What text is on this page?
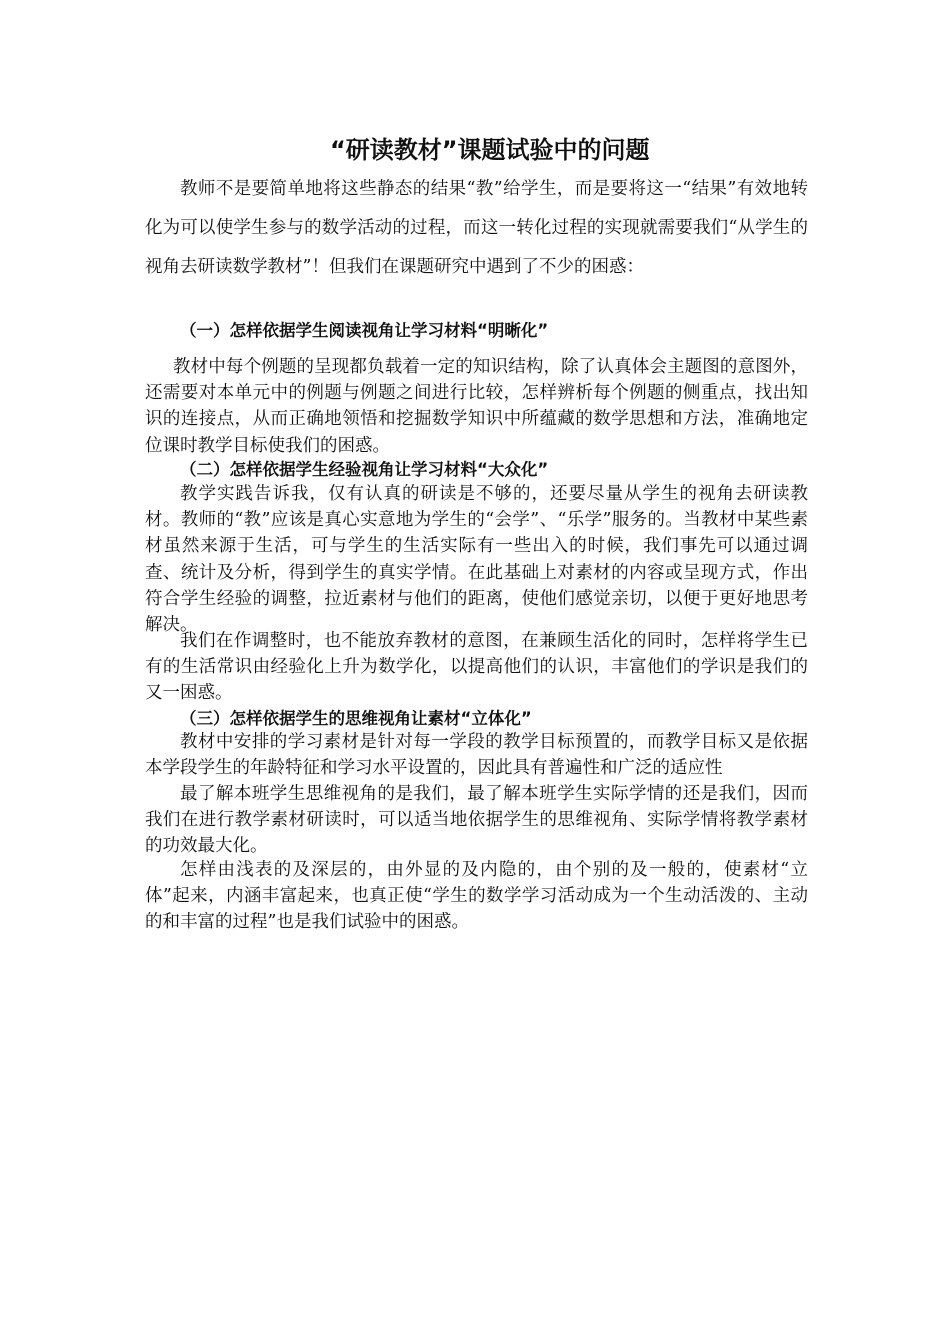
“研读教材”课题试验中的问题

教师不是要简单地将这些静态的结果“教”给学生，而是要将这一“结果”有效地转化为可以使学生参与的数学活动的过程，而这一转化过程的实现就需要我们“从学生的视角去研读数学教材”！但我们在课题研究中遇到了不少的困惑：

（一）怎样依据学生阅读视角让学习材料“明晰化”

教材中每个例题的呈现都负载着一定的知识结构，除了认真体会主题图的意图外，还需要对本单元中的例题与例题之间进行比较，怎样辨析每个例题的侧重点，找出知识的连接点，从而正确地领悟和挖掘数学知识中所蕴藏的数学思想和方法，准确地定位课时教学目标使我们的困惑。

（二）怎样依据学生经验视角让学习材料“大众化”

教学实践告诉我，仅有认真的研读是不够的，还要尽量从学生的视角去研读教材。教师的“教”应该是真心实意地为学生的“会学”、“乐学”服务的。当教材中某些素材虽然来源于生活，可与学生的生活实际有一些出入的时候，我们事先可以通过调查、统计及分析，得到学生的真实学情。在此基础上对素材的内容或呈现方式，作出符合学生经验的调整，拉近素材与他们的距离，使他们感觉亲切，以便于更好地思考解决。

我们在作调整时，也不能放弃教材的意图，在兼顾生活化的同时，怎样将学生已有的生活常识由经验化上升为数学化，以提高他们的认识，丰富他们的学识是我们的又一困惑。

（三）怎样依据学生的思维视角让素材“立体化”

教材中安排的学习素材是针对每一学段的教学目标预置的，而教学目标又是依据本学段学生的年龄特征和学习水平设置的，因此具有普遍性和广泛的适应性

最了解本班学生思维视角的是我们，最了解本班学生实际学情的还是我们，因而我们在进行教学素材研读时，可以适当地依据学生的思维视角、实际学情将教学素材的功效最大化。

怎样由浅表的及深层的，由外显的及内隐的，由个别的及一般的，使素材“立体”起来，内涵丰富起来，也真正使“学生的数学学习活动成为一个生动活泼的、主动的和丰富的过程”也是我们试验中的困惑。
